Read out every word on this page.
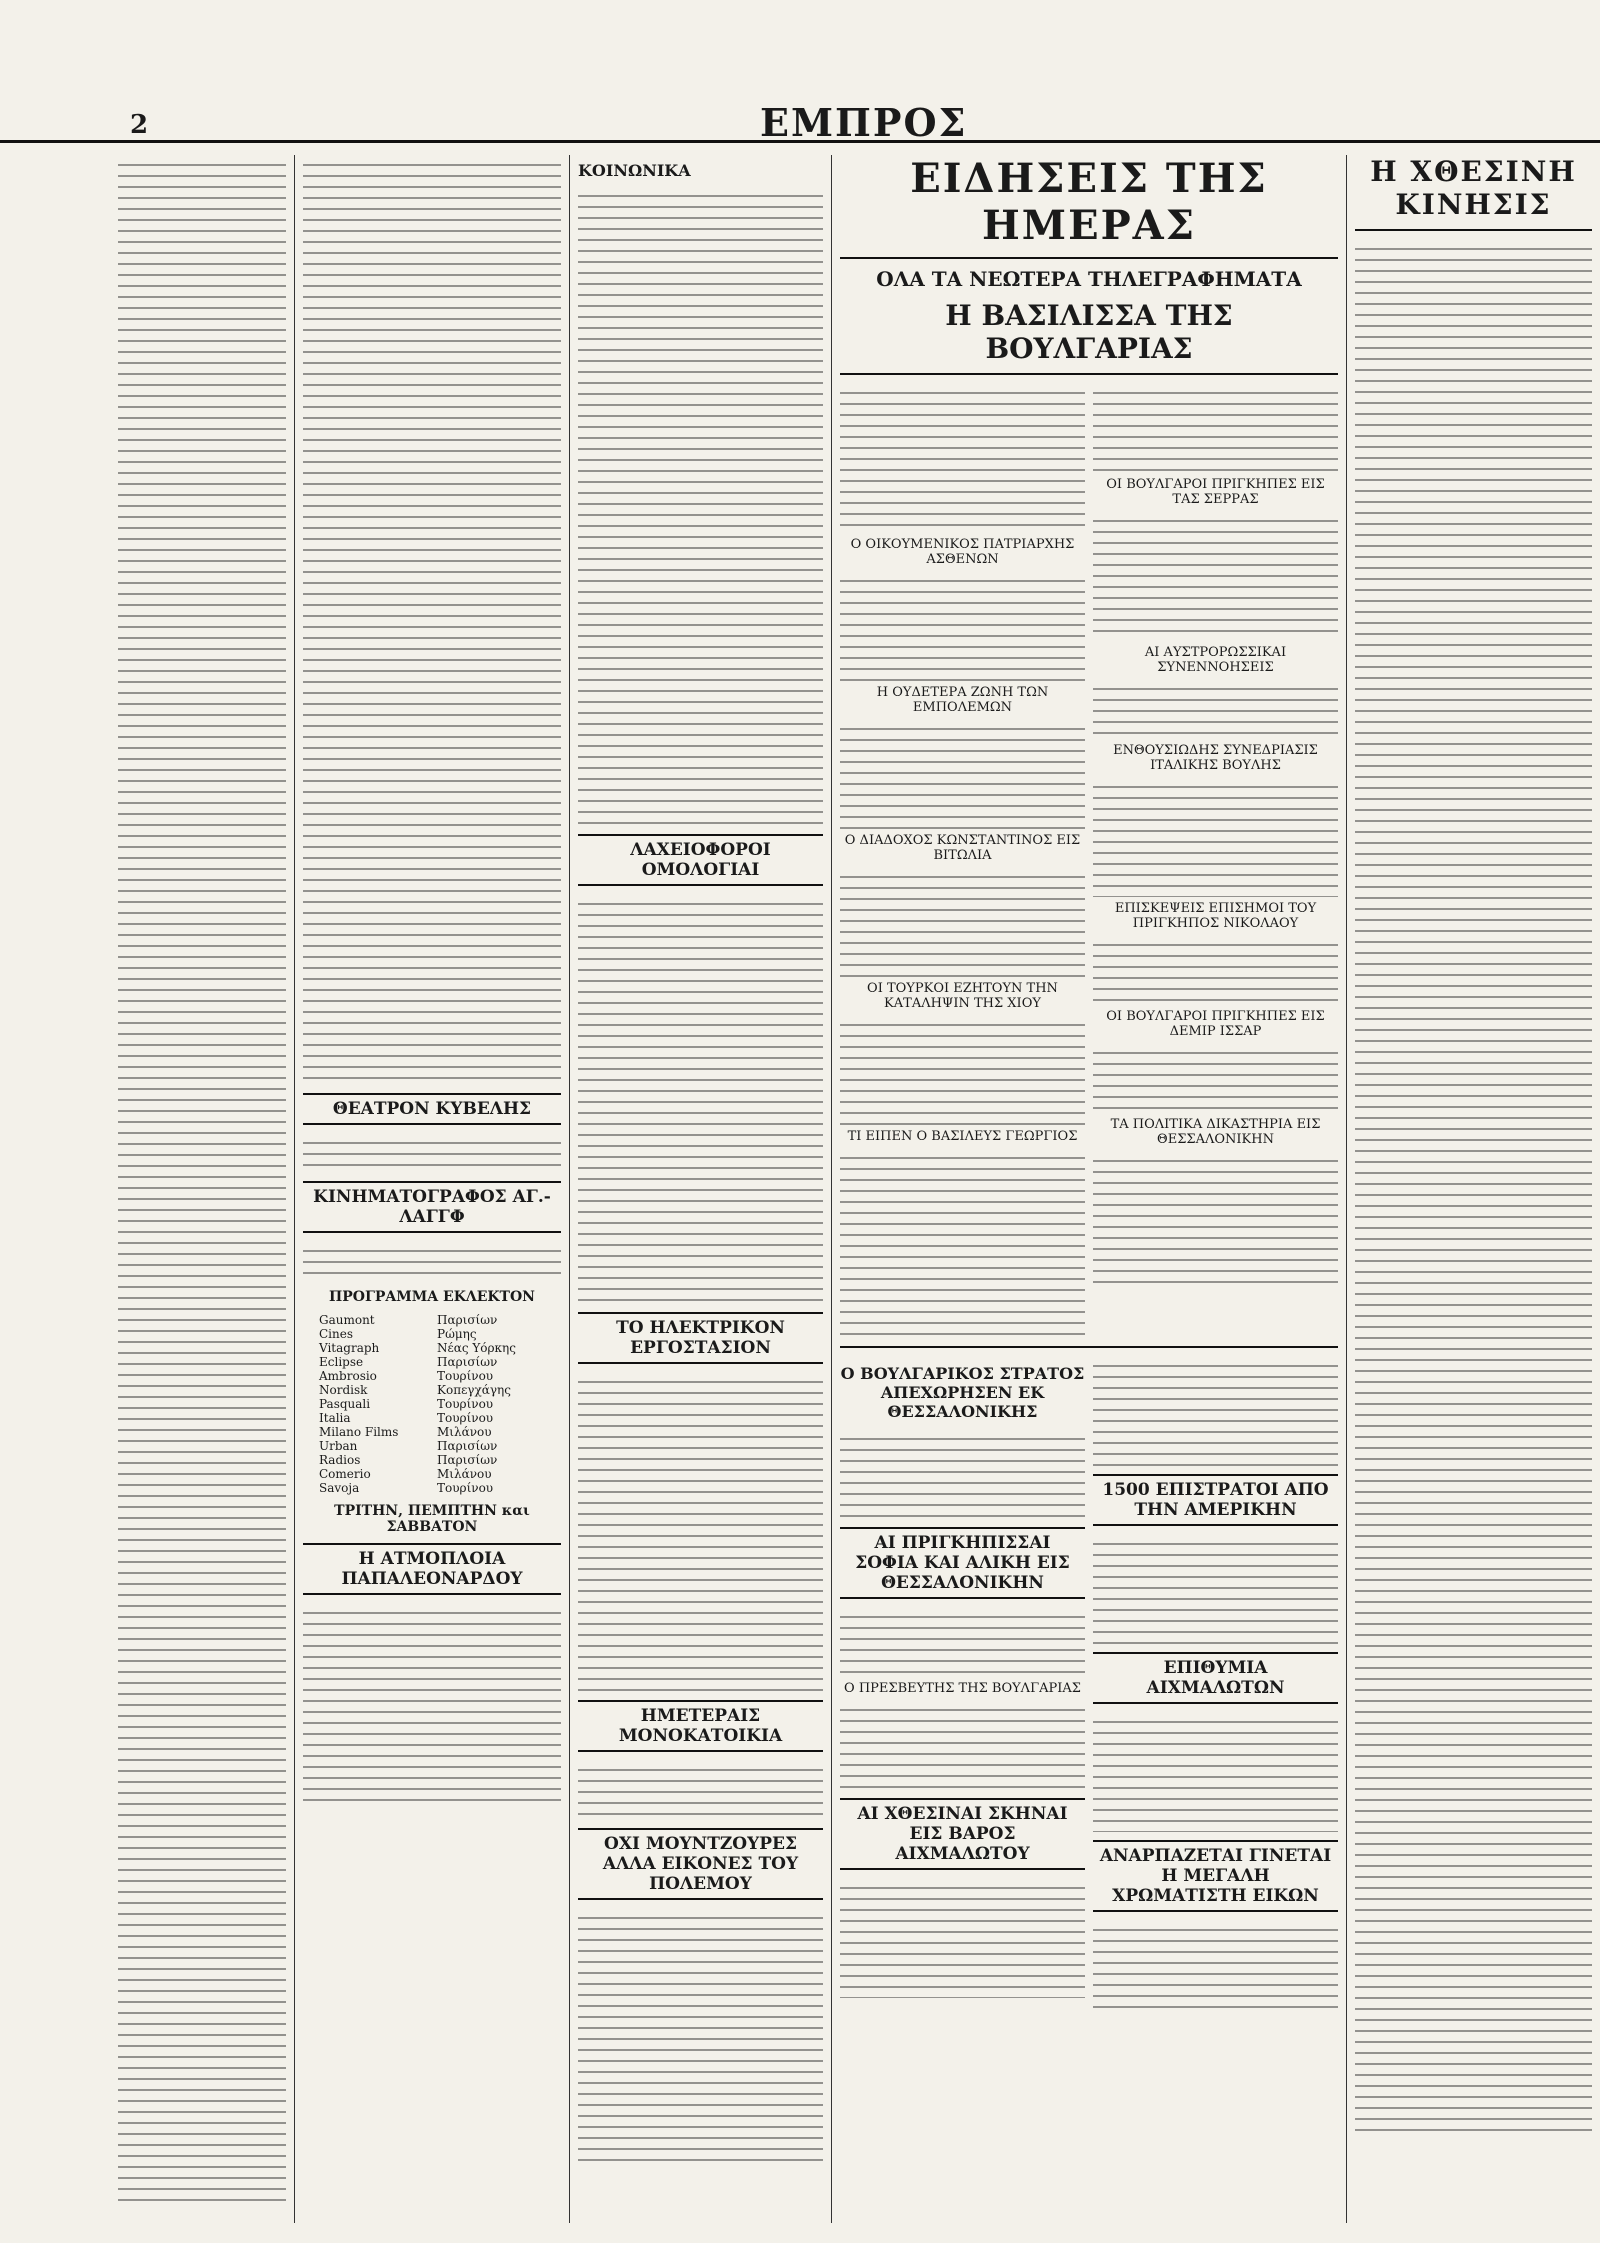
2	ΕΜΠΡΟΣ
ΘΕΑΤΡΟΝ ΚΥΒΕΛΗΣ
ΚΙΝΗΜΑΤΟΓΡΑΦΟΣ ΑΓ.-ΛΑΓΓΦ
ΠΡΟΓΡΑΜΜΑ ΕΚΛΕΚΤΟΝ
Gaumont	Παρισίων
Cines	Ρώμης
Vitagraph	Νέας Υόρκης
Eclipse	Παρισίων
Ambrosio	Τουρίνου
Nordisk	Κοπεγχάγης
Pasquali	Τουρίνου
Italia	Τουρίνου
Milano Films	Μιλάνου
Urban	Παρισίων
Radios	Παρισίων
Comerio	Μιλάνου
Savoja	Τουρίνου
ΤΡΙΤΗΝ, ΠΕΜΠΤΗΝ και ΣΑΒΒΑΤΟΝ
Η ΑΤΜΟΠΛΟΙΑ ΠΑΠΑΛΕΟΝΑΡΔΟΥ
ΚΟΙΝΩΝΙΚΑ
ΛΑΧΕΙΟΦΟΡΟΙ ΟΜΟΛΟΓΙΑΙ
ΤΟ ΗΛΕΚΤΡΙΚΟΝ ΕΡΓΟΣΤΑΣΙΟΝ
ΗΜΕΤΕΡΑΙΣ ΜΟΝΟΚΑΤΟΙΚΙΑ
ΟΧΙ ΜΟΥΝΤΖΟΥΡΕΣ
ΑΛΛΑ ΕΙΚΟΝΕΣ ΤΟΥ ΠΟΛΕΜΟΥ
ΕΙΔΗΣΕΙΣ ΤΗΣ ΗΜΕΡΑΣ
ΟΛΑ ΤΑ ΝΕΩΤΕΡΑ ΤΗΛΕΓΡΑΦΗΜΑΤΑ
Η ΒΑΣΙΛΙΣΣΑ ΤΗΣ ΒΟΥΛΓΑΡΙΑΣ
Ο ΟΙΚΟΥΜΕΝΙΚΟΣ ΠΑΤΡΙΑΡΧΗΣ ΑΣΘΕΝΩΝ
Η ΟΥΔΕΤΕΡΑ ΖΩΝΗ ΤΩΝ ΕΜΠΟΛΕΜΩΝ
Ο ΔΙΑΔΟΧΟΣ ΚΩΝΣΤΑΝΤΙΝΟΣ ΕΙΣ ΒΙΤΩΛΙΑ
ΟΙ ΤΟΥΡΚΟΙ ΕΖΗΤΟΥΝ ΤΗΝ ΚΑΤΑΛΗΨΙΝ ΤΗΣ ΧΙΟΥ
ΤΙ ΕΙΠΕΝ Ο ΒΑΣΙΛΕΥΣ ΓΕΩΡΓΙΟΣ
ΟΙ ΒΟΥΛΓΑΡΟΙ ΠΡΙΓΚΗΠΕΣ ΕΙΣ ΤΑΣ ΣΕΡΡΑΣ
ΑΙ ΑΥΣΤΡΟΡΩΣΣΙΚΑΙ ΣΥΝΕΝΝΟΗΣΕΙΣ
ΕΝΘΟΥΣΙΩΔΗΣ ΣΥΝΕΔΡΙΑΣΙΣ ΙΤΑΛΙΚΗΣ ΒΟΥΛΗΣ
ΕΠΙΣΚΕΨΕΙΣ ΕΠΙΣΗΜΟΙ ΤΟΥ ΠΡΙΓΚΗΠΟΣ ΝΙΚΟΛΑΟΥ
ΟΙ ΒΟΥΛΓΑΡΟΙ ΠΡΙΓΚΗΠΕΣ ΕΙΣ ΔΕΜΙΡ ΙΣΣΑΡ
ΤΑ ΠΟΛΙΤΙΚΑ ΔΙΚΑΣΤΗΡΙΑ ΕΙΣ ΘΕΣΣΑΛΟΝΙΚΗΝ
Ο ΒΟΥΛΓΑΡΙΚΟΣ ΣΤΡΑΤΟΣ ΑΠΕΧΩΡΗΣΕΝ ΕΚ ΘΕΣΣΑΛΟΝΙΚΗΣ
ΑΙ ΠΡΙΓΚΗΠΙΣΣΑΙ
ΣΟΦΙΑ ΚΑΙ ΑΛΙΚΗ ΕΙΣ ΘΕΣΣΑΛΟΝΙΚΗΝ
Ο ΠΡΕΣΒΕΥΤΗΣ ΤΗΣ ΒΟΥΛΓΑΡΙΑΣ
ΑΙ ΧΘΕΣΙΝΑΙ ΣΚΗΝΑΙ ΕΙΣ ΒΑΡΟΣ ΑΙΧΜΑΛΩΤΟΥ
1500 ΕΠΙΣΤΡΑΤΟΙ ΑΠΟ ΤΗΝ ΑΜΕΡΙΚΗΝ
ΕΠΙΘΥΜΙΑ ΑΙΧΜΑΛΩΤΩΝ
ΑΝΑΡΠΑΖΕΤΑΙ ΓΙΝΕΤΑΙ
Η ΜΕΓΑΛΗ ΧΡΩΜΑΤΙΣΤΗ ΕΙΚΩΝ
Η ΧΘΕΣΙΝΗ
ΚΙΝΗΣΙΣ
